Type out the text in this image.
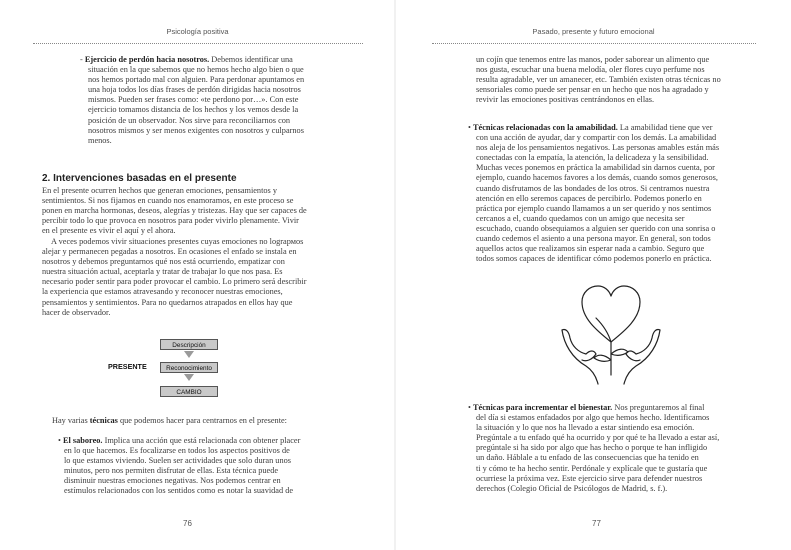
Psicología positiva

- Ejercicio de perdón hacia nosotros. Debemos identificar una

situación en la que sabemos que no hemos hecho algo bien o que

nos hemos portado mal con alguien. Para perdonar apuntamos en

una hoja todos los días frases de perdón dirigidas hacia nosotros

mismos. Pueden ser frases como: «te perdono por…». Con este

ejercicio tomamos distancia de los hechos y los vemos desde la

posición de un observador. Nos sirve para reconciliarnos con

nosotros mismos y ser menos exigentes con nosotros y culparnos

menos.

2. Intervenciones basadas en el presente

En el presente ocurren hechos que generan emociones, pensamientos y

sentimientos. Si nos fijamos en cuando nos enamoramos, en este proceso se

ponen en marcha hormonas, deseos, alegrías y tristezas. Hay que ser capaces de

percibir todo lo que provoca en nosotros para poder vivirlo plenamente. Vivir

en el presente es vivir el aquí y el ahora.

A veces podemos vivir situaciones presentes cuyas emociones no logrармos

alejar y permanecen pegadas a nosotros. En ocasiones el enfado se instala en

nosotros y debemos preguntarnos qué nos está ocurriendo, empatizar con

nuestra situación actual, aceptarla y tratar de trabajar lo que nos pasa. Es

necesario poder sentir para poder provocar el cambio. Lo primero será describir

la experiencia que estamos atravesando y reconocer nuestras emociones,

pensamientos y sentimientos. Para no quedarnos atrapados en ellos hay que

hacer de observador.

PRESENTE
Descripción
Reconocimiento
CAMBIO

Hay varias técnicas que podemos hacer para centrarnos en el presente:

• El saboreo. Implica una acción que está relacionada con obtener placer

en lo que hacemos. Es focalizarse en todos los aspectos positivos de

lo que estamos viviendo. Suelen ser actividades que solo duran unos

minutos, pero nos permiten disfrutar de ellas. Esta técnica puede

disminuir nuestras emociones negativas. Nos podemos centrar en

estímulos relacionados con los sentidos como es notar la suavidad de

76
Pasado, presente y futuro emocional

un cojín que tenemos entre las manos, poder saborear un alimento que

nos gusta, escuchar una buena melodía, oler flores cuyo perfume nos

resulta agradable, ver un amanecer, etc. También existen otras técnicas no

sensoriales como puede ser pensar en un hecho que nos ha agradado y

revivir las emociones positivas centrándonos en ellas.

• Técnicas relacionadas con la amabilidad. La amabilidad tiene que ver

con una acción de ayudar, dar y compartir con los demás. La amabilidad

nos aleja de los pensamientos negativos. Las personas amables están más

conectadas con la empatía, la atención, la delicadeza y la sensibilidad.

Muchas veces ponemos en práctica la amabilidad sin darnos cuenta, por

ejemplo, cuando hacemos favores a los demás, cuando somos generosos,

cuando disfrutamos de las bondades de los otros. Si centramos nuestra

atención en ello seremos capaces de percibirlo. Podemos ponerlo en

práctica por ejemplo cuando llamamos a un ser querido y nos sentimos

cercanos a el, cuando quedamos con un amigo que necesita ser

escuchado, cuando obsequiamos a alguien ser querido con una sonrisa o

cuando cedemos el asiento a una persona mayor. En general, son todos

aquellos actos que realizamos sin esperar nada a cambio. Seguro que

todos somos capaces de identificar cómo podemos ponerlo en práctica.

• Técnicas para incrementar el bienestar. Nos preguntaremos al final

del día si estamos enfadados por algo que hemos hecho. Identificamos

la situación y lo que nos ha llevado a estar sintiendo esa emoción.

Pregúntale a tu enfado qué ha ocurrido y por qué te ha llevado a estar así,

pregúntale si ha sido por algo que has hecho o porque te han infligido

un daño. Háblale a tu enfado de las consecuencias que ha tenido en

ti y cómo te ha hecho sentir. Perdónale y explícale que te gustaría que

ocurriese la próxima vez. Este ejercicio sirve para defender nuestros

derechos (Colegio Oficial de Psicólogos de Madrid, s. f.).

77
